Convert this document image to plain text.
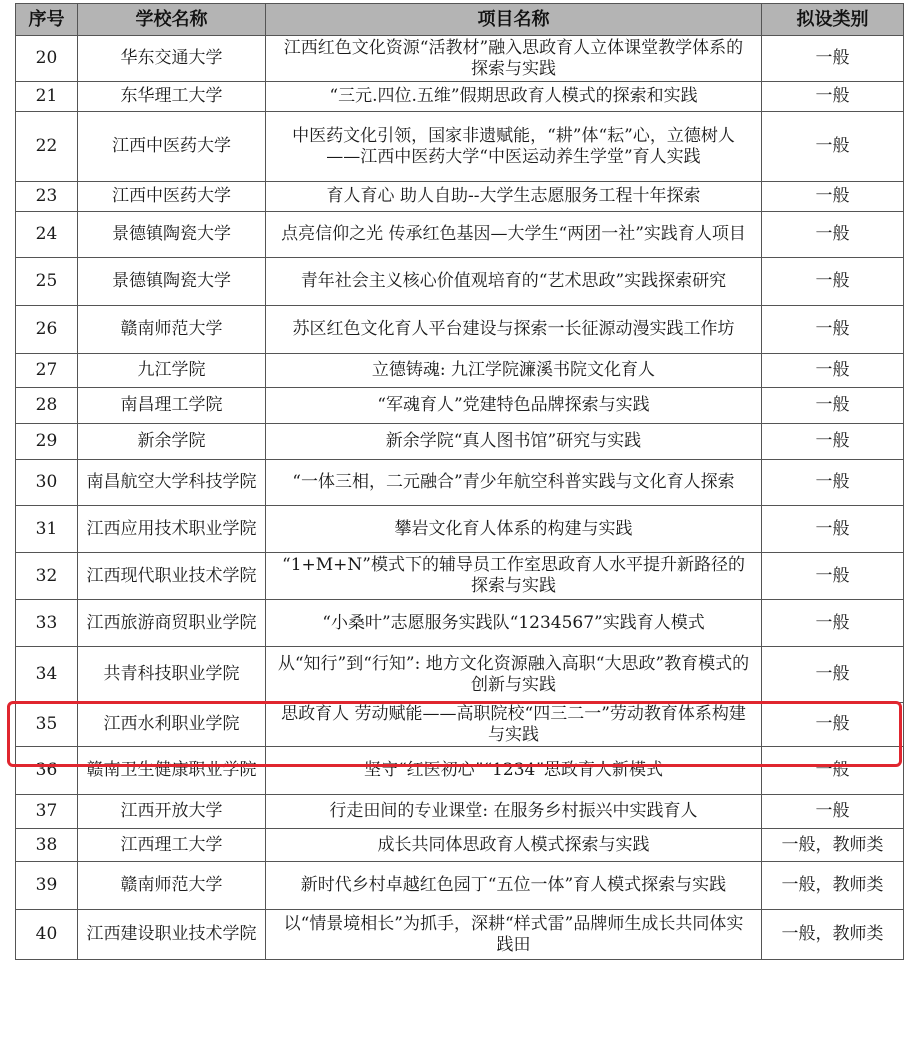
序号	学校名称	项目名称	拟设类别
20	华东交通大学	江西红色文化资源“活教材”融入思政育人立体课堂教学体系的探索与实践	一般
21	东华理工大学	“三元.四位.五维”假期思政育人模式的探索和实践	一般
22	江西中医药大学	中医药文化引领，国家非遗赋能，“耕”体“耘”心，立德树人——江西中医药大学“中医运动养生学堂”育人实践	一般
23	江西中医药大学	育人育心 助人自助--大学生志愿服务工程十年探索	一般
24	景德镇陶瓷大学	点亮信仰之光 传承红色基因—大学生“两团一社”实践育人项目	一般
25	景德镇陶瓷大学	青年社会主义核心价值观培育的“艺术思政”实践探索研究	一般
26	赣南师范大学	苏区红色文化育人平台建设与探索一长征源动漫实践工作坊	一般
27	九江学院	立德铸魂: 九江学院濂溪书院文化育人	一般
28	南昌理工学院	“军魂育人”党建特色品牌探索与实践	一般
29	新余学院	新余学院“真人图书馆”研究与实践	一般
30	南昌航空大学科技学院	“一体三相，二元融合”青少年航空科普实践与文化育人探索	一般
31	江西应用技术职业学院	攀岩文化育人体系的构建与实践	一般
32	江西现代职业技术学院	“1+M+N”模式下的辅导员工作室思政育人水平提升新路径的探索与实践	一般
33	江西旅游商贸职业学院	“小桑叶”志愿服务实践队“1234567”实践育人模式	一般
34	共青科技职业学院	从“知行”到“行知”: 地方文化资源融入高职“大思政”教育模式的创新与实践	一般
35	江西水利职业学院	思政育人 劳动赋能——高职院校“四三二一”劳动教育体系构建与实践	一般
36	赣南卫生健康职业学院	坚守“红医初心”“1234”思政育人新模式	一般
37	江西开放大学	行走田间的专业课堂: 在服务乡村振兴中实践育人	一般
38	江西理工大学	成长共同体思政育人模式探索与实践	一般，教师类
39	赣南师范大学	新时代乡村卓越红色园丁“五位一体”育人模式探索与实践	一般，教师类
40	江西建设职业技术学院	以“情景境相长”为抓手，深耕“样式雷”品牌师生成长共同体实践田	一般，教师类
